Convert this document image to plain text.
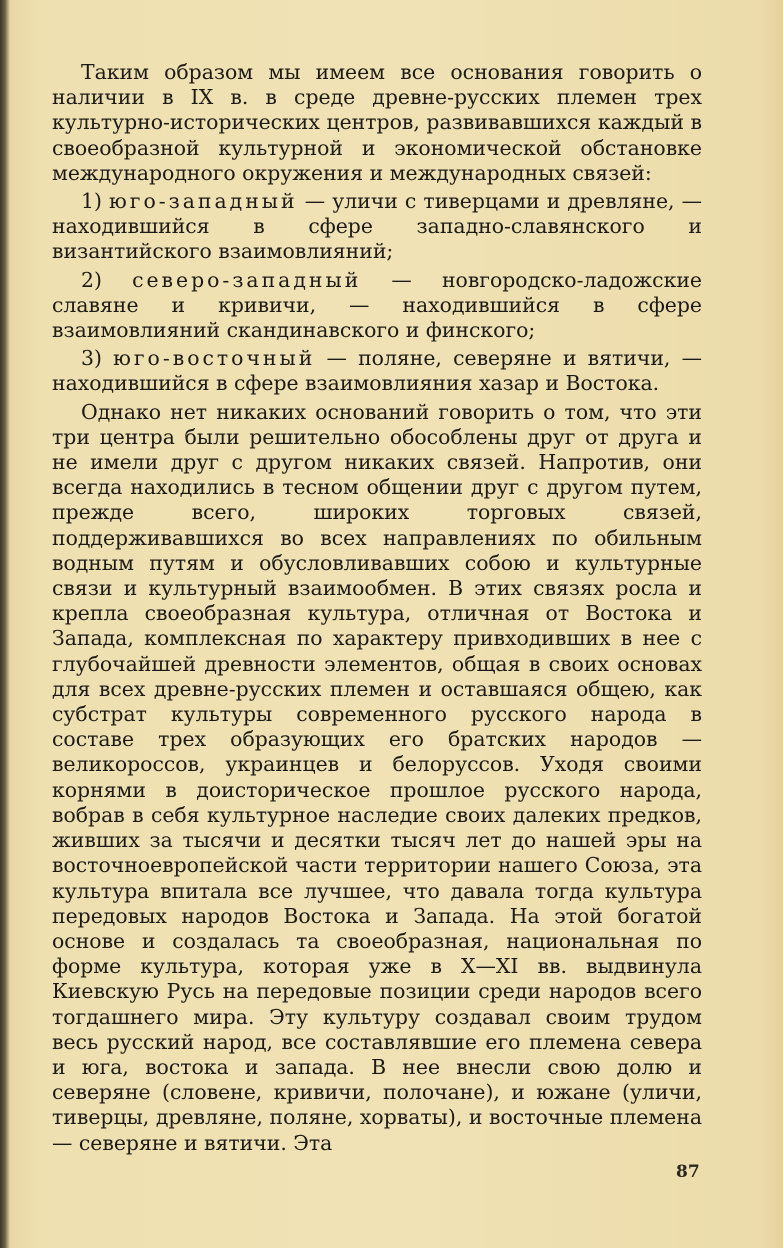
Таким образом мы имеем все основания говорить о наличии в IX в. в среде древне-русских племен трех культурно-исторических центров, развивавшихся каждый в своеобразной культурной и экономической обстановке международного окружения и международных связей:

1) юго-западный — уличи с тиверцами и древляне, — находившийся в сфере западно-славянского и византийского взаимовлияний;

2) северо-западный — новгородско-ладожские славяне и кривичи, — находившийся в сфере взаимовлияний скандинавского и финского;

3) юго-восточный — поляне, северяне и вятичи, — находившийся в сфере взаимовлияния хазар и Востока.

Однако нет никаких оснований говорить о том, что эти три центра были решительно обособлены друг от друга и не имели друг с другом никаких связей. Напротив, они всегда находились в тесном общении друг с другом путем, прежде всего, широких торговых связей, поддерживавшихся во всех направлениях по обильным водным путям и обусловливавших собою и культурные связи и культурный взаимообмен. В этих связях росла и крепла своеобразная культура, отличная от Востока и Запада, комплексная по характеру привходивших в нее с глубочайшей древности элементов, общая в своих основах для всех древне-русских племен и оставшаяся общею, как субстрат культуры современного русского народа в составе трех образующих его братских народов — великороссов, украинцев и белоруссов. Уходя своими корнями в доисторическое прошлое русского народа, вобрав в себя культурное наследие своих далеких предков, живших за тысячи и десятки тысяч лет до нашей эры на восточноевропейской части территории нашего Союза, эта культура впитала все лучшее, что давала тогда культура передовых народов Востока и Запада. На этой богатой основе и создалась та своеобразная, национальная по форме культура, которая уже в X—XI вв. выдвинула Киевскую Русь на передовые позиции среди народов всего тогдашнего мира. Эту культуру создавал своим трудом весь русский народ, все составлявшие его племена севера и юга, востока и запада. В нее внесли свою долю и северяне (словене, кривичи, полочане), и южане (уличи, тиверцы, древляне, поляне, хорваты), и восточные племена — северяне и вятичи. Эта

87
